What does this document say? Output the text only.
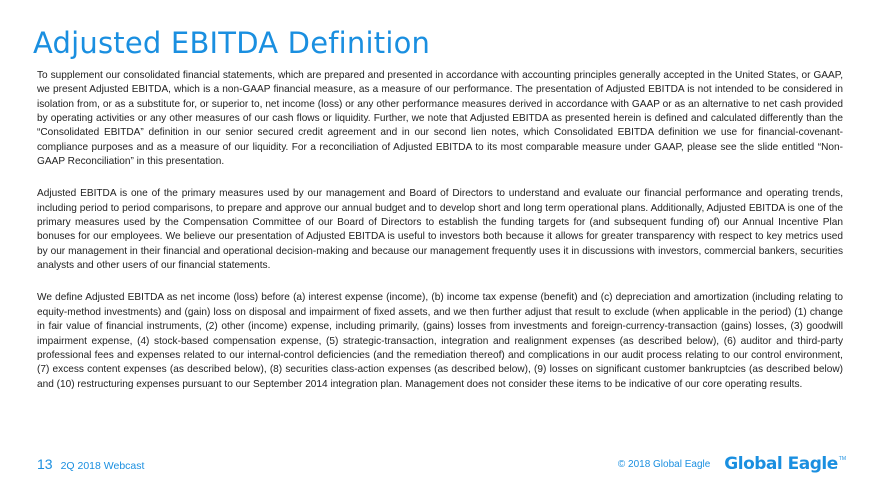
Adjusted EBITDA Definition

To supplement our consolidated financial statements, which are prepared and presented in accordance with accounting principles generally accepted in the United States, or GAAP, we present Adjusted EBITDA, which is a non-GAAP financial measure, as a measure of our performance. The presentation of Adjusted EBITDA is not intended to be considered in isolation from, or as a substitute for, or superior to, net income (loss) or any other performance measures derived in accordance with GAAP or as an alternative to net cash provided by operating activities or any other measures of our cash flows or liquidity. Further, we note that Adjusted EBITDA as presented herein is defined and calculated differently than the “Consolidated EBITDA” definition in our senior secured credit agreement and in our second lien notes, which Consolidated EBITDA definition we use for financial-covenant-compliance purposes and as a measure of our liquidity. For a reconciliation of Adjusted EBITDA to its most comparable measure under GAAP, please see the slide entitled “Non-GAAP Reconciliation” in this presentation.

Adjusted EBITDA is one of the primary measures used by our management and Board of Directors to understand and evaluate our financial performance and operating trends, including period to period comparisons, to prepare and approve our annual budget and to develop short and long term operational plans. Additionally, Adjusted EBITDA is one of the primary measures used by the Compensation Committee of our Board of Directors to establish the funding targets for (and subsequent funding of) our Annual Incentive Plan bonuses for our employees. We believe our presentation of Adjusted EBITDA is useful to investors both because it allows for greater transparency with respect to key metrics used by our management in their financial and operational decision-making and because our management frequently uses it in discussions with investors, commercial bankers, securities analysts and other users of our financial statements.

We define Adjusted EBITDA as net income (loss) before (a) interest expense (income), (b) income tax expense (benefit) and (c) depreciation and amortization (including relating to equity-method investments) and (gain) loss on disposal and impairment of fixed assets, and we then further adjust that result to exclude (when applicable in the period) (1) change in fair value of financial instruments, (2) other (income) expense, including primarily, (gains) losses from investments and foreign-currency-transaction (gains) losses, (3) goodwill impairment expense, (4) stock-based compensation expense, (5) strategic-transaction, integration and realignment expenses (as described below), (6) auditor and third-party professional fees and expenses related to our internal-control deficiencies (and the remediation thereof) and complications in our audit process relating to our control environment, (7) excess content expenses (as described below), (8) securities class-action expenses (as described below), (9) losses on significant customer bankruptcies (as described below) and (10) restructuring expenses pursuant to our September 2014 integration plan. Management does not consider these items to be indicative of our core operating results.

13 2Q 2018 Webcast	© 2018 Global Eagle Global Eagle TM
